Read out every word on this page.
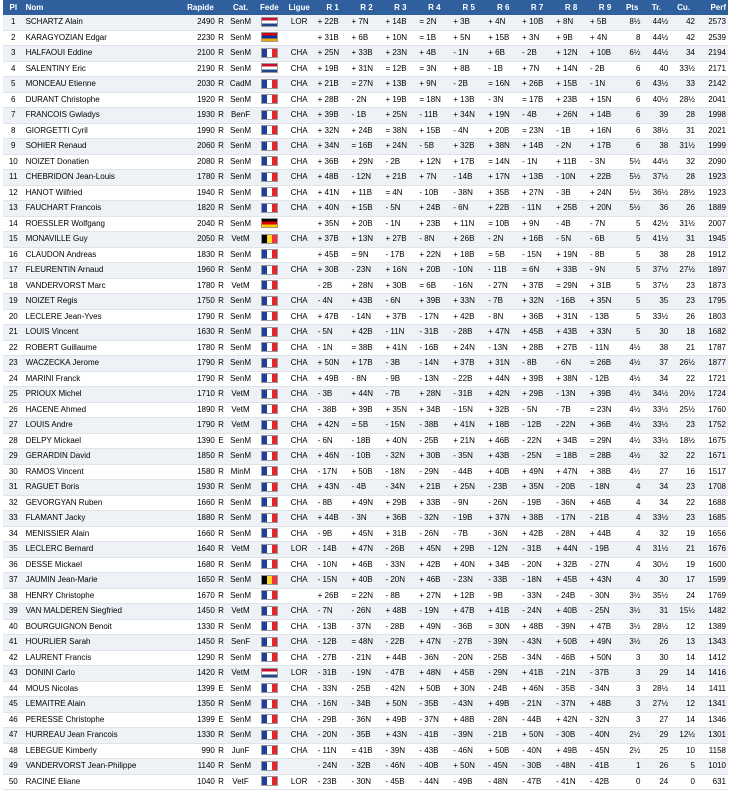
Pl	Nom	Rapide		Cat.	Fede	Ligue	R 1	R 2	R 3	R 4	R 5	R 6	R 7	R 8	R 9	Pts	Tr.	Cu.	Perf
1	SCHARTZ Alain	2490	R	SenM		LOR	+ 22B	+ 7N	+ 14B	= 2N	+ 3B	+ 4N	+ 10B	+ 8N	+ 5B	8½	44½	42	2573
2	KARAGYOZIAN Edgar	2230	R	SenM			+ 31B	+ 6B	+ 10N	= 1B	+ 5N	+ 15B	+ 3N	+ 9B	+ 4N	8	44½	42	2539
3	HALFAOUI Eddine	2100	R	SenM		CHA	+ 25N	+ 33B	+ 23N	+ 4B	- 1N	+ 6B	- 2B	+ 12N	+ 10B	6½	44½	34	2194
4	SALENTINY Eric	2190	R	SenM		CHA	+ 19B	+ 31N	= 12B	= 3N	+ 8B	- 1B	+ 7N	+ 14N	- 2B	6	40	33½	2171
5	MONCEAU Etienne	2030	R	CadM		CHA	+ 21B	= 27N	+ 13B	+ 9N	- 2B	= 16N	+ 26B	+ 15B	- 1N	6	43½	33	2142
6	DURANT Christophe	1920	R	SenM		CHA	+ 28B	- 2N	+ 19B	= 18N	+ 13B	- 3N	= 17B	+ 23B	+ 15N	6	40½	28½	2041
7	FRANCOIS Gwladys	1930	R	BenF		CHA	+ 39B	- 1B	+ 25N	- 11B	+ 34N	+ 19N	- 4B	+ 26N	+ 14B	6	39	28	1998
8	GIORGETTI Cyril	1990	R	SenM		CHA	+ 32N	+ 24B	= 38N	+ 15B	- 4N	+ 20B	= 23N	- 1B	+ 16N	6	38½	31	2021
9	SOHIER Renaud	2060	R	SenM		CHA	+ 34N	= 16B	+ 24N	- 5B	+ 32B	+ 38N	+ 14B	- 2N	+ 17B	6	38	31½	1999
10	NOIZET Donatien	2080	R	SenM		CHA	+ 36B	+ 29N	- 2B	+ 12N	+ 17B	= 14N	- 1N	+ 11B	- 3N	5½	44½	32	2090
11	CHEBRIDON Jean-Louis	1780	R	SenM		CHA	+ 48B	- 12N	+ 21B	+ 7N	- 14B	+ 17N	+ 13B	- 10N	+ 22B	5½	37½	28	1923
12	HANOT Wilfried	1940	R	SenM		CHA	+ 41N	+ 11B	= 4N	- 10B	- 38N	+ 35B	+ 27N	- 3B	+ 24N	5½	36½	28½	1923
13	FAUCHART Francois	1820	R	SenM		CHA	+ 40N	+ 15B	- 5N	+ 24B	- 6N	+ 22B	- 11N	+ 25B	+ 20N	5½	36	26	1889
14	ROESSLER Wolfgang	2040	R	SenM			+ 35N	+ 20B	- 1N	+ 23B	+ 11N	= 10B	+ 9N	- 4B	- 7N	5	42½	31½	2007
15	MONAVILLE Guy	2050	R	VetM		CHA	+ 37B	+ 13N	+ 27B	- 8N	+ 26B	- 2N	+ 16B	- 5N	- 6B	5	41½	31	1945
16	CLAUDON Andreas	1830	R	SenM			+ 45B	= 9N	- 17B	+ 22N	+ 18B	= 5B	- 15N	+ 19N	- 8B	5	38	28	1912
17	FLEURENTIN Arnaud	1960	R	SenM		CHA	+ 30B	- 23N	+ 16N	+ 20B	- 10N	- 11B	= 6N	+ 33B	- 9N	5	37½	27½	1897
18	VANDERVORST Marc	1780	R	VetM			- 2B	+ 28N	+ 30B	= 6B	- 16N	- 27N	+ 37B	= 29N	+ 31B	5	37½	23	1873
19	NOIZET Regis	1750	R	SenM		CHA	- 4N	+ 43B	- 6N	+ 39B	+ 33N	- 7B	+ 32N	- 16B	+ 35N	5	35	23	1795
20	LECLERE Jean-Yves	1790	R	SenM		CHA	+ 47B	- 14N	+ 37B	- 17N	+ 42B	- 8N	+ 36B	+ 31N	- 13B	5	33½	26	1803
21	LOUIS Vincent	1630	R	SenM		CHA	- 5N	+ 42B	- 11N	- 31B	- 28B	+ 47N	+ 45B	+ 43B	+ 33N	5	30	18	1682
22	ROBERT Guillaume	1780	R	SenM		CHA	- 1N	= 38B	+ 41N	- 16B	+ 24N	- 13N	+ 28B	+ 27B	- 11N	4½	38	21	1787
23	WACZECKA Jerome	1790	R	SenM		CHA	+ 50N	+ 17B	- 3B	- 14N	+ 37B	+ 31N	- 8B	- 6N	= 26B	4½	37	26½	1877
24	MARINI Franck	1790	R	SenM		CHA	+ 49B	- 8N	- 9B	- 13N	- 22B	+ 44N	+ 39B	+ 38N	- 12B	4½	34	22	1721
25	PRIOUX Michel	1710	R	VetM		CHA	- 3B	+ 44N	- 7B	+ 28N	- 31B	+ 42N	+ 29B	- 13N	+ 39B	4½	34½	20½	1724
26	HACENE Ahmed	1890	R	VetM		CHA	- 38B	+ 39B	+ 35N	+ 34B	- 15N	+ 32B	- 5N	- 7B	= 23N	4½	33½	25½	1760
27	LOUIS Andre	1790	R	VetM		CHA	+ 42N	= 5B	- 15N	- 38B	+ 41N	+ 18B	- 12B	- 22N	+ 36B	4½	33½	23	1752
28	DELPY Mickael	1390	E	SenM		CHA	- 6N	- 18B	+ 40N	- 25B	+ 21N	+ 46B	- 22N	+ 34B	= 29N	4½	33½	18½	1675
29	GERARDIN David	1850	R	SenM		CHA	+ 46N	- 10B	- 32N	+ 30B	- 35N	+ 43B	- 25N	= 18B	= 28B	4½	32	22	1671
30	RAMOS Vincent	1580	R	MinM		CHA	- 17N	+ 50B	- 18N	- 29N	- 44B	+ 40B	+ 49N	+ 47N	+ 38B	4½	27	16	1517
31	RAGUET Boris	1930	R	SenM		CHA	+ 43N	- 4B	- 34N	+ 21B	+ 25N	- 23B	+ 35N	- 20B	- 18N	4	34	23	1708
32	GEVORGYAN Ruben	1660	R	SenM		CHA	- 8B	+ 49N	+ 29B	+ 33B	- 9N	- 26N	- 19B	- 36N	+ 46B	4	34	22	1688
33	FLAMANT Jacky	1880	R	SenM		CHA	+ 44B	- 3N	+ 36B	- 32N	- 19B	+ 37N	+ 38B	- 17N	- 21B	4	33½	23	1685
34	MENISSIER Alain	1660	R	SenM		CHA	- 9B	+ 45N	+ 31B	- 26N	- 7B	- 36N	+ 42B	- 28N	+ 44B	4	32	19	1656
35	LECLERC Bernard	1640	R	VetM		LOR	- 14B	+ 47N	- 26B	+ 45N	+ 29B	- 12N	- 31B	+ 44N	- 19B	4	31½	21	1676
36	DESSE Mickael	1680	R	SenM		CHA	- 10N	+ 46B	- 33N	+ 42B	+ 40N	+ 34B	- 20N	+ 32B	- 27N	4	30½	19	1600
37	JAUMIN Jean-Marie	1650	R	SenM		CHA	- 15N	+ 40B	- 20N	+ 46B	- 23N	- 33B	- 18N	+ 45B	+ 43N	4	30	17	1599
38	HENRY Christophe	1670	R	SenM			+ 26B	= 22N	- 8B	+ 27N	+ 12B	- 9B	- 33N	- 24B	- 30N	3½	35½	24	1769
39	VAN MALDEREN Siegfried	1450	R	VetM		CHA	- 7N	- 26N	+ 48B	- 19N	+ 47B	+ 41B	- 24N	+ 40B	- 25N	3½	31	15½	1482
40	BOURGUIGNON Benoit	1330	R	SenM		CHA	- 13B	- 37N	- 28B	+ 49N	- 36B	= 30N	+ 48B	- 39N	+ 47B	3½	28½	12	1389
41	HOURLIER Sarah	1450	R	SenF		CHA	- 12B	= 48N	- 22B	+ 47N	- 27B	- 39N	- 43N	+ 50B	+ 49N	3½	26	13	1343
42	LAURENT Francis	1290	R	SenM		CHA	- 27B	- 21N	+ 44B	- 36N	- 20N	- 25B	- 34N	- 46B	+ 50N	3	30	14	1412
43	DONINI Carlo	1420	R	VetM		LOR	- 31B	- 19N	- 47B	+ 48N	+ 45B	- 29N	+ 41B	- 21N	- 37B	3	29	14	1416
44	MOUS Nicolas	1399	E	SenM		CHA	- 33N	- 25B	- 42N	+ 50B	+ 30N	- 24B	+ 46N	- 35B	- 34N	3	28½	14	1411
45	LEMAITRE Alain	1350	R	SenM		CHA	- 16N	- 34B	+ 50N	- 35B	- 43N	+ 49B	- 21N	- 37N	+ 48B	3	27½	12	1341
46	PERESSE Christophe	1399	E	SenM		CHA	- 29B	- 36N	+ 49B	- 37N	+ 48B	- 28N	- 44B	+ 42N	- 32N	3	27	14	1346
47	HURREAU Jean Francois	1330	R	SenM		CHA	- 20N	- 35B	+ 43N	- 41B	- 39N	- 21B	+ 50N	- 30B	- 40N	2½	29	12½	1301
48	LEBEGUE Kimberly	990	R	JunF		CHA	- 11N	= 41B	- 39N	- 43B	- 46N	+ 50B	- 40N	+ 49B	- 45N	2½	25	10	1158
49	VANDERVORST Jean-Philippe	1140	R	SenM			- 24N	- 32B	- 46N	- 40B	+ 50N	- 45N	- 30B	- 48N	- 41B	1	26	5	1010
50	RACINE Eliane	1040	R	VetF		LOR	- 23B	- 30N	- 45B	- 44N	- 49B	- 48N	- 47B	- 41N	- 42B	0	24	0	631
